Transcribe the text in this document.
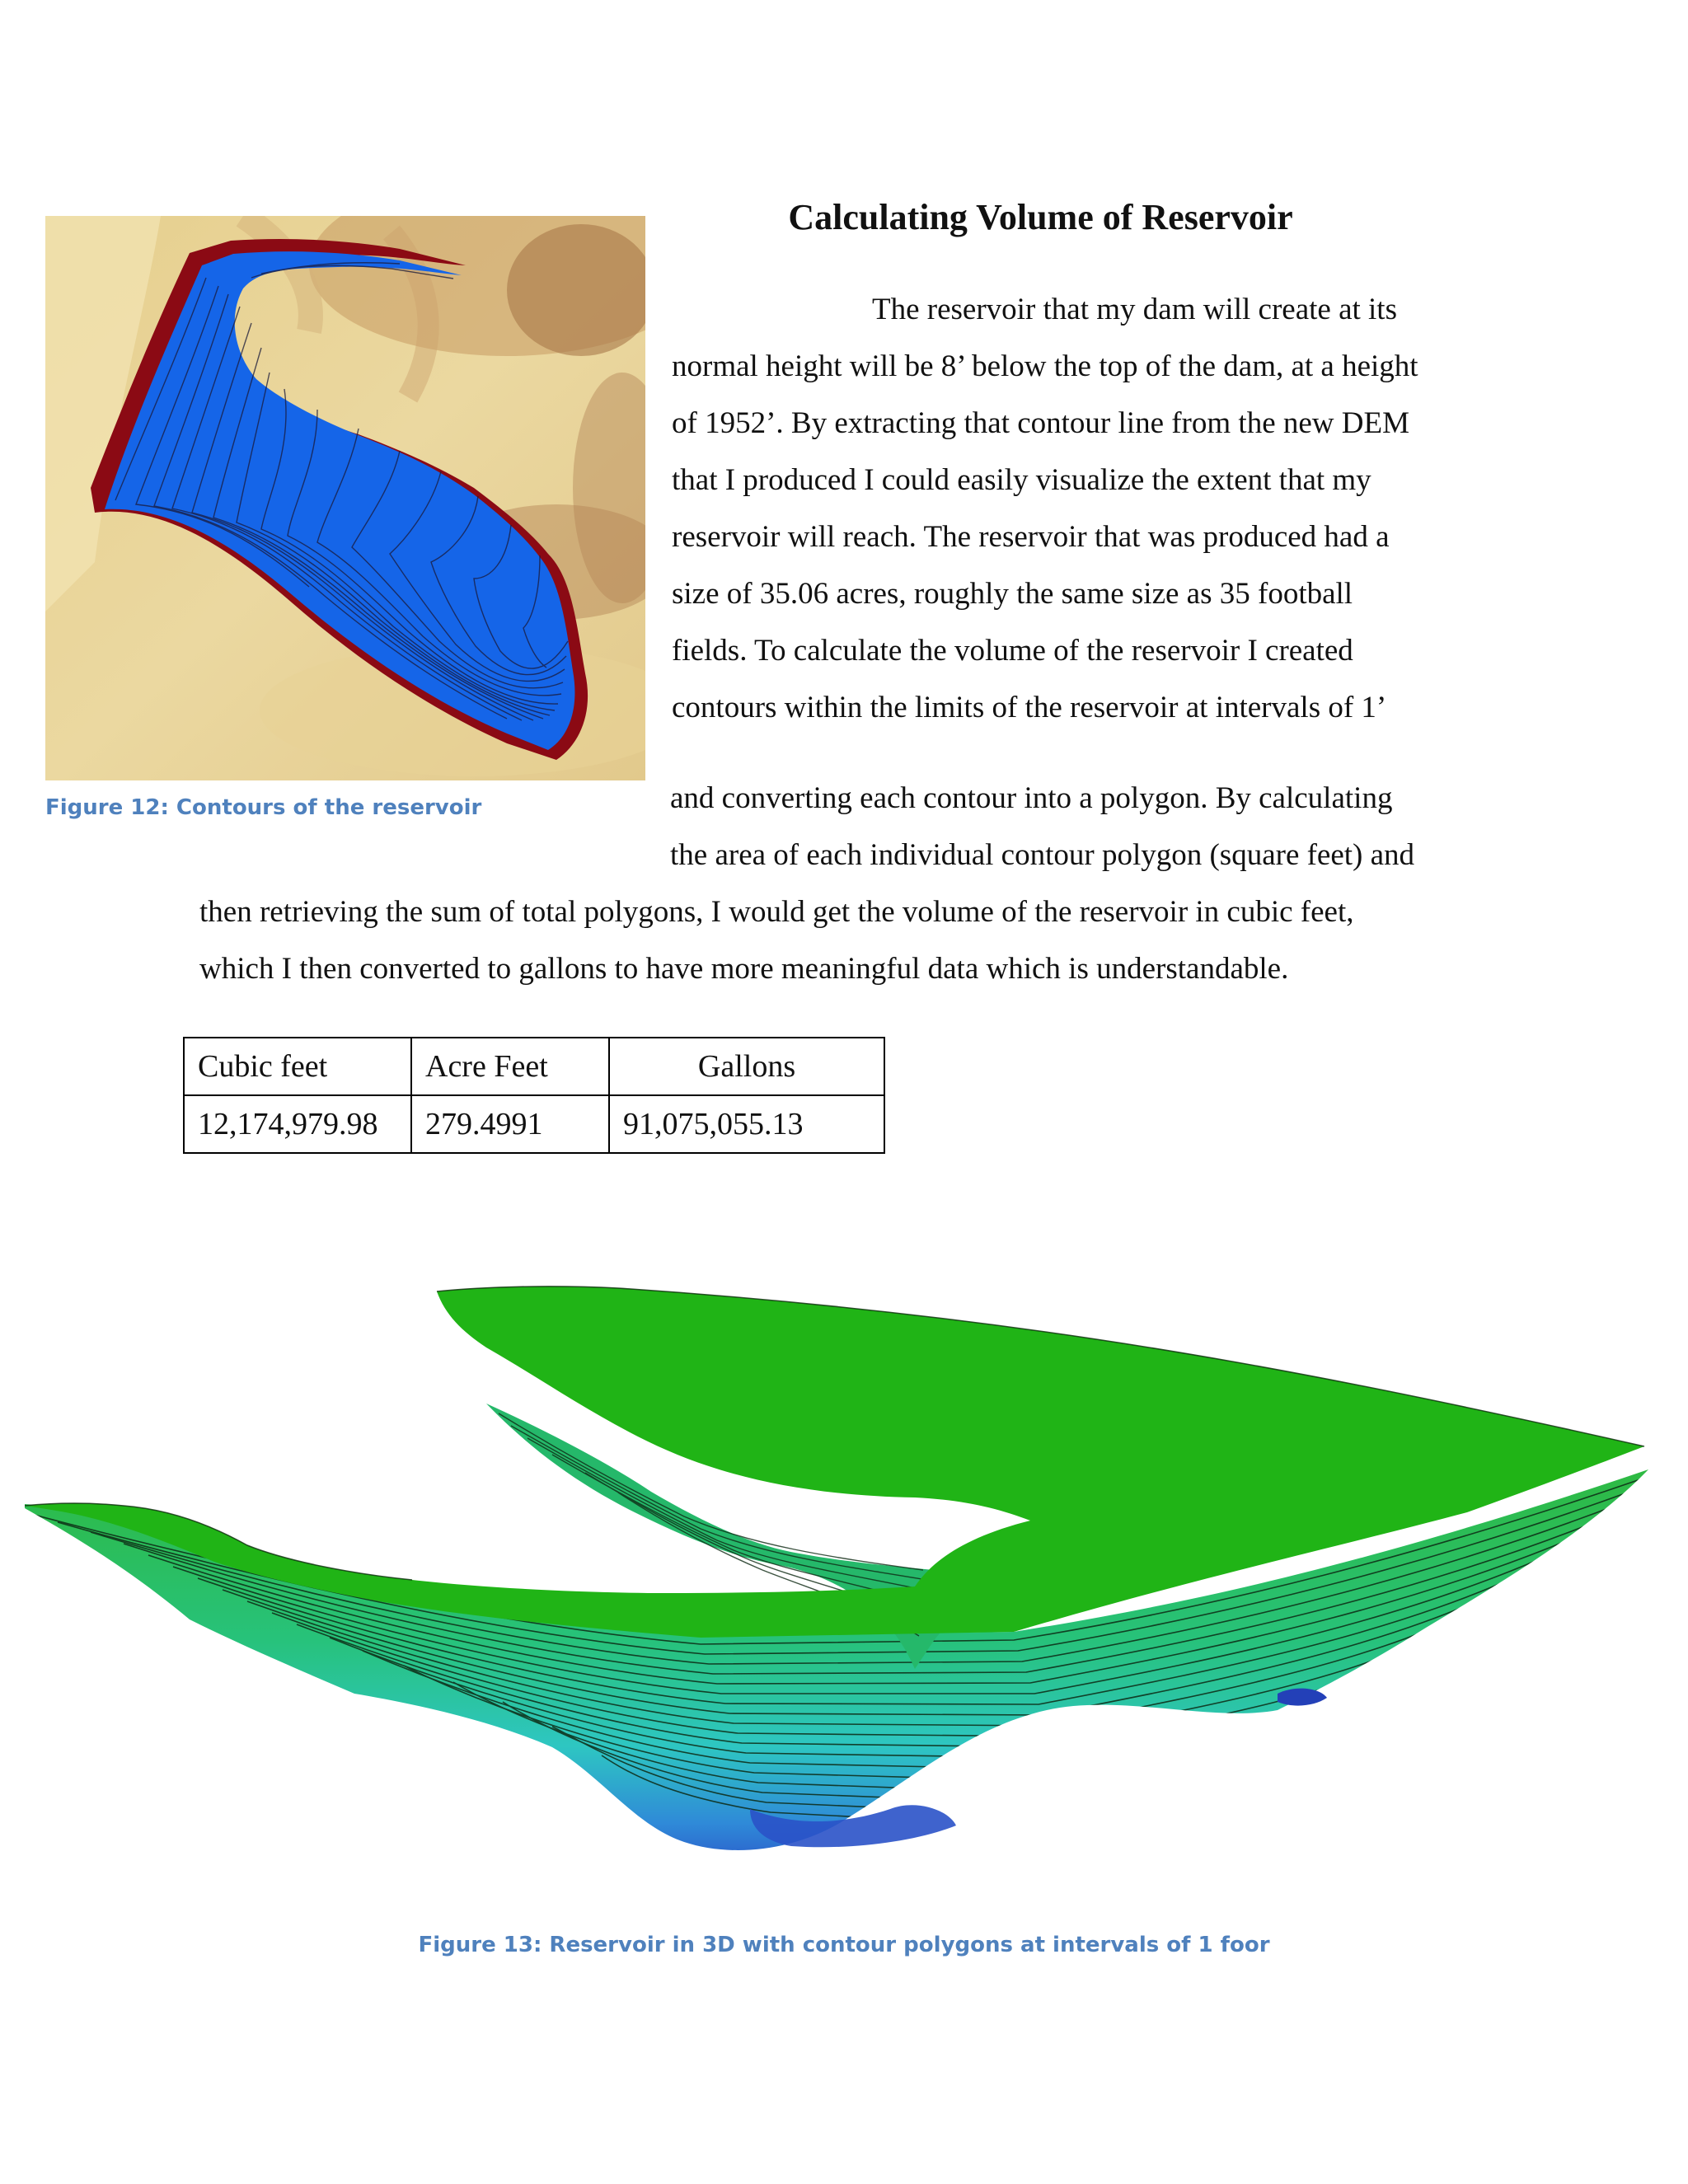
Figure 12: Contours of the reservoir
Calculating Volume of Reservoir
The reservoir that my dam will create at its
normal height will be 8’ below the top of the dam, at a height
of 1952’. By extracting that contour line from the new DEM
that I produced I could easily visualize the extent that my
reservoir will reach. The reservoir that was produced had a
size of 35.06 acres, roughly the same size as 35 football
fields. To calculate the volume of the reservoir I created
contours within the limits of the reservoir at intervals of 1’
and converting each contour into a polygon. By calculating
the area of each individual contour polygon (square feet) and
then retrieving the sum of total polygons, I would get the volume of the reservoir in cubic feet,
which I then converted to gallons to have more meaningful data which is understandable.
Cubic feet	Acre Feet	Gallons
12,174,979.98	279.4991	91,075,055.13
Figure 13: Reservoir in 3D with contour polygons at intervals of 1 foor
